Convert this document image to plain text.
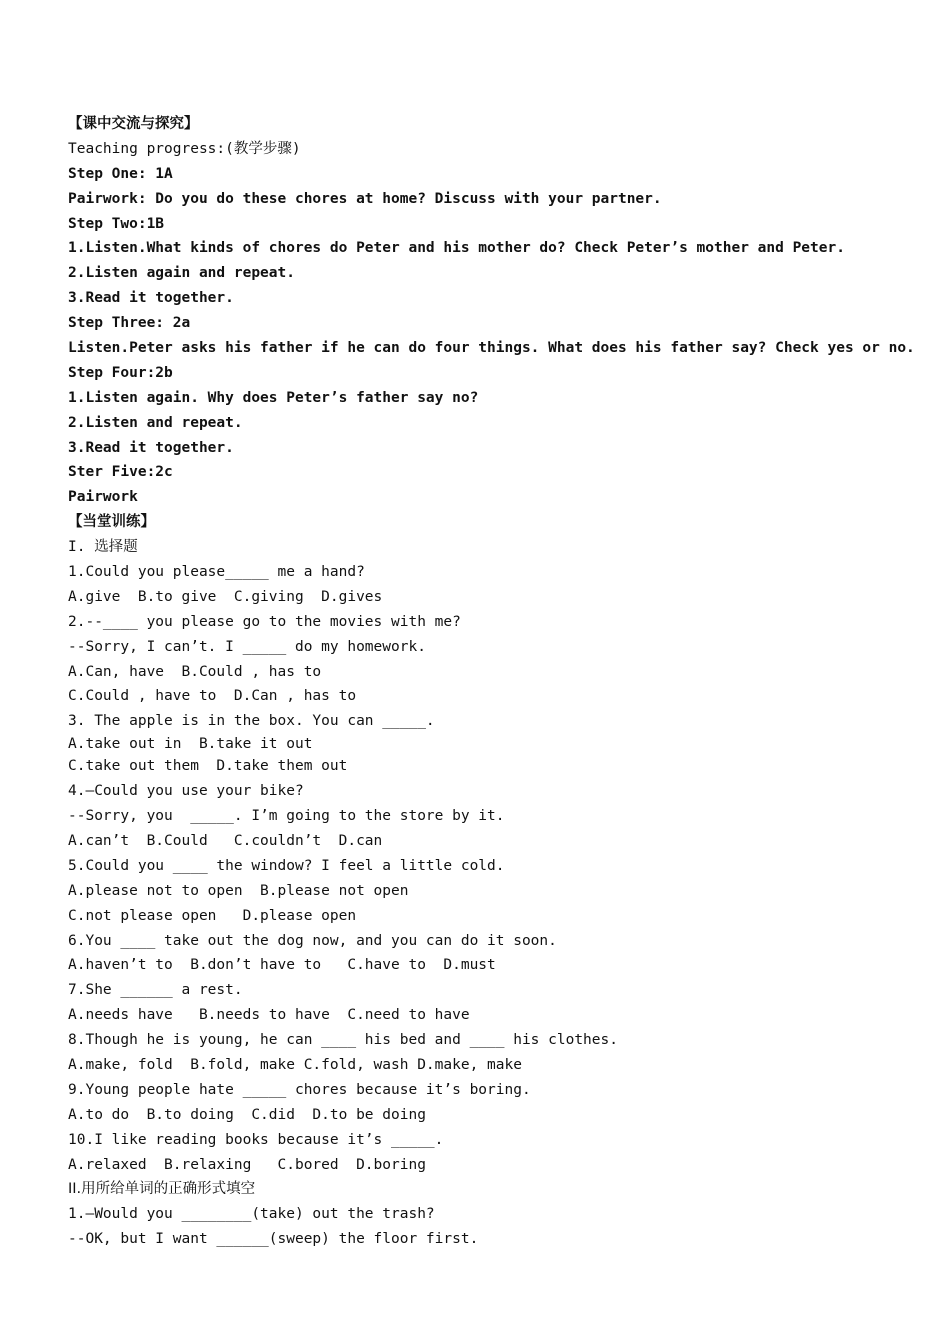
【课中交流与探究】
Teaching progress:(教学步骤)
Step One: 1A
Pairwork: Do you do these chores at home? Discuss with your partner.
Step Two:1B
1.Listen.What kinds of chores do Peter and his mother do? Check Peter’s mother and Peter.
2.Listen again and repeat.
3.Read it together.
Step Three: 2a
Listen.Peter asks his father if he can do four things. What does his father say? Check yes or no.
Step Four:2b
1.Listen again. Why does Peter’s father say no?
2.Listen and repeat.
3.Read it together.
Ster Five:2c
Pairwork
【当堂训练】
I. 选择题
1.Could you please_____ me a hand?
A.give  B.to give  C.giving  D.gives
2.--____ you please go to the movies with me?
--Sorry, I can’t. I _____ do my homework.
A.Can, have  B.Could , has to
C.Could , have to  D.Can , has to
3. The apple is in the box. You can _____.
A.take out in  B.take it out
C.take out them  D.take them out
4.—Could you use your bike?
--Sorry, you  _____. I’m going to the store by it.
A.can’t  B.Could   C.couldn’t  D.can
5.Could you ____ the window? I feel a little cold.
A.please not to open  B.please not open
C.not please open   D.please open
6.You ____ take out the dog now, and you can do it soon.
A.haven’t to  B.don’t have to   C.have to  D.must
7.She ______ a rest.
A.needs have   B.needs to have  C.need to have
8.Though he is young, he can ____ his bed and ____ his clothes.
A.make, fold  B.fold, make C.fold, wash D.make, make
9.Young people hate _____ chores because it’s boring.
A.to do  B.to doing  C.did  D.to be doing
10.I like reading books because it’s _____.
A.relaxed  B.relaxing   C.bored  D.boring
II.用所给单词的正确形式填空
1.—Would you ________(take) out the trash?
--OK, but I want ______(sweep) the floor first.
